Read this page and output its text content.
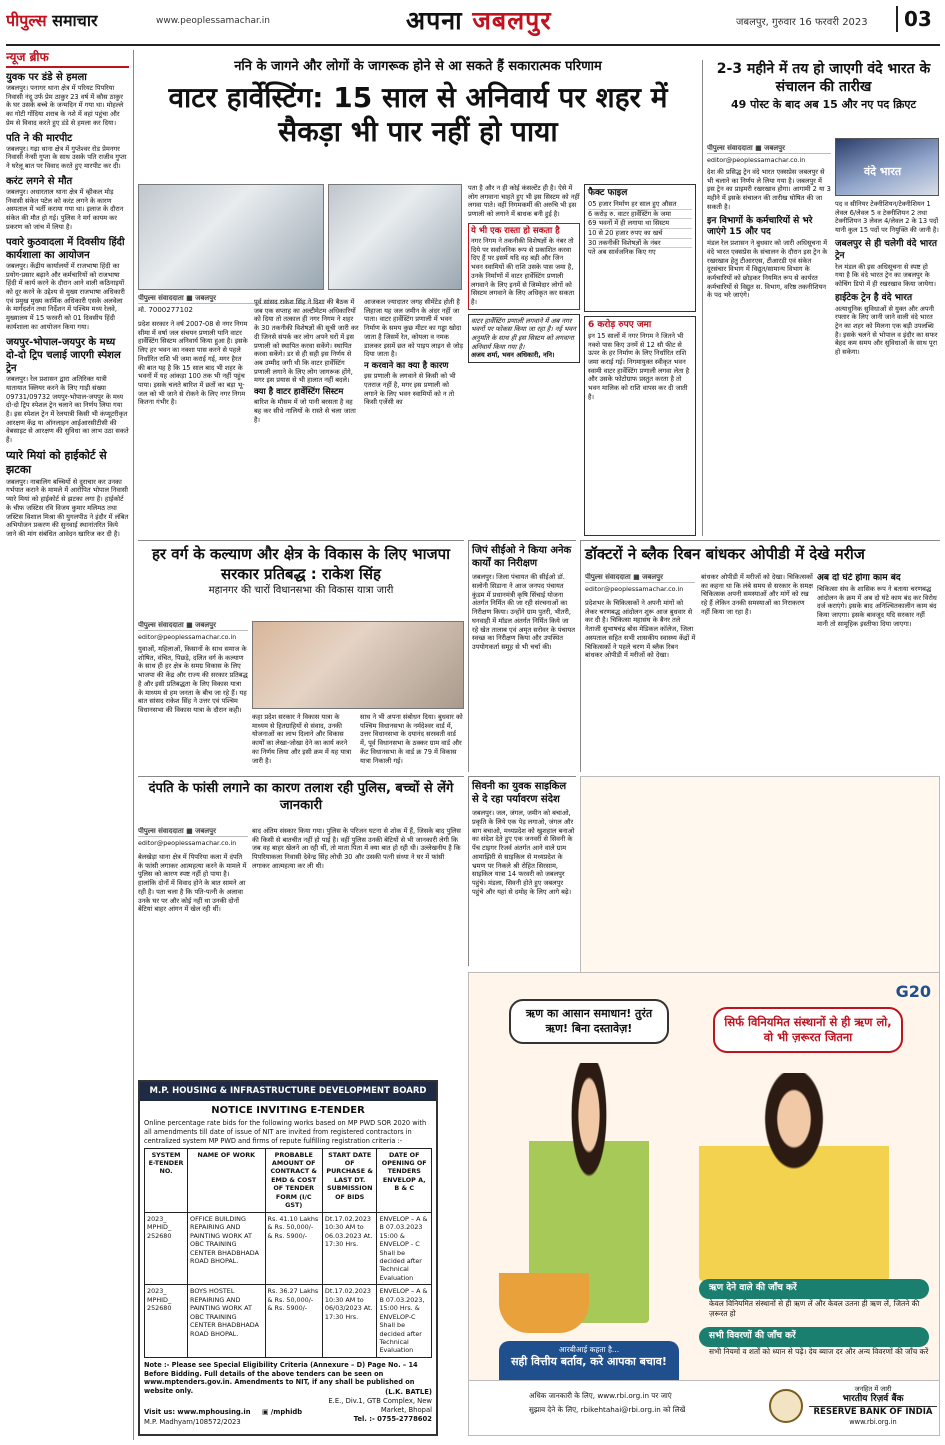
पीपुल्स समाचार	www.peoplessamachar.in	अपना जबलपुर	जबलपुर, गुरुवार 16 फरवरी 2023	03
न्यूज ब्रीफ
युवक पर डंडे से हमला
जबलपुर। पनागर थाना क्षेत्र में परियट पिपरिया निवासी नंदू उर्फ प्रेम ठाकुर 23 वर्ष में कौस ठाकुर के घर उसके बच्चे के जन्मदिन में गया था। मोहल्ले का गोटी गोंदिया शराब के नशे में वहां पहुंचा और प्रेम से विवाद करते हुए डंडे से हमला कर दिया।
पति ने की मारपीट
जबलपुर। गढ़ा थाना क्षेत्र में गुप्तेश्वर रोड प्रेमनगर निवासी नेन्सी गुप्ता के साथ उसके पति राजीव गुप्ता ने घरेलू बात पर विवाद करते हुए मारपीट कर दी।
करंट लगने से मौत
जबलपुर। अधारताल थाना क्षेत्र में व्हीकल मोड़ निवासी संकेत पटेल को करंट लगने के कारण अस्पताल में भर्ती कराया गया था। इलाज के दौरान संकेत की मौत हो गई। पुलिस ने मर्ग कायम कर प्रकरण को जांच में लिया है।
पवारे कुठवादला में दिवसीय हिंदी कार्यशाला का आयोजन
जबलपुर। केंद्रीय कार्यालयों में राजभाषा हिंदी का प्रयोग-प्रसार बढ़ाने और कर्मचारियों को राजभाषा हिंदी में कार्य करने के दौरान आने वाली कठिनाइयों को दूर करने के उद्देश्य से मुख्य राजभाषा अधिकारी एवं प्रमुख मुख्य कार्मिक अधिकारी एसके अलवेला के मार्गदर्शन तथा निर्देशन में पश्चिम मध्य रेलवे, मुख्यालय में 15 फरवरी को 01 दिवसीय हिंदी कार्यशाला का आयोजन किया गया।
जयपुर-भोपाल-जयपुर के मध्य दो-दो ट्रिप चलाई जाएगी स्पेशल ट्रेन
जबलपुर। रेल प्रशासन द्वारा अतिरिक्त यात्री यातायात क्लियर करने के लिए गाड़ी संख्या 09731/09732 जयपुर-भोपाल-जयपुर के मध्य दो-दो ट्रिप स्पेशल ट्रेन चलाने का निर्णय लिया गया है। इस स्पेशल ट्रेन में रेलयात्री किसी भी कंप्यूटरीकृत आरक्षण केंद्र या ऑनलाइन आईआरसीटीसी की वेबसाइट से आरक्षण की सुविधा का लाभ उठा सकते हैं।
प्यारे मियां को हाईकोर्ट से झटका
जबलपुर। नाबालिग बच्चियों से दुराचार कर उनका गर्भपात कराने के मामले में आरोपित भोपाल निवासी प्यारे मियां को हाईकोर्ट से झटका लगा है। हाईकोर्ट के चीफ जस्टिस रवि विजय कुमार मलिमठ तथा जस्टिस विशाल मिश्रा की युगलपीठ ने इंदौर में लंबित अभियोजन प्रकरण की सुनवाई स्थानांतरित किये जाने की मांग संबंधित आवेदन खारिज कर दी है।
ननि के जागने और लोगों के जागरूक होने से आ सकते हैं सकारात्मक परिणाम
वाटर हार्वेस्टिंग: 15 साल से अनिवार्य पर शहर में सैकड़ा भी पार नहीं हो पाया
पीपुल्स संवाददाता ■ जबलपुर
मो. 7000277102
प्रदेश सरकार ने वर्ष 2007-08 से नगर निगम सीमा में वर्षा जल संचयन प्रणाली यानि वाटर हार्वेस्टिंग सिस्टम अनिवार्य किया हुआ है। इसके लिए हर भवन का नक्शा पास करने से पहले निर्धारित राशि भी जमा कराई गई, मगर हैरत की बात यह है कि 15 साल बाद भी शहर के भवनों में यह आंकड़ा 100 तक भी नहीं पहुंच पाया। इसके चलते बारिश में छतों का बड़ा भू-जल को भी जाने से रोकने के लिए नगर निगम कितना गंभीर है।
पूर्व सांसद राकेश सिंह ने दिशा की बैठक में जब एक सप्ताह का अल्टीमेटम अधिकारियों को दिया तो तत्काल ही नगर निगम ने शहर के 30 तकनीकी विशेषज्ञों की सूची जारी कर दी जिनसे संपर्क कर लोग अपने घरों में इस प्रणाली को स्थापित करवा सकेंगे। स्थापित करवा सकेंगे। डर से ही सही इस निर्णय से अब उम्मीद जगी थी कि वाटर हार्वेस्टिंग प्रणाली लगाने के लिए लोग जागरूक होंगे, मगर इस प्रयास से भी हालात नहीं बदले।
क्या है वाटर हार्वेस्टिंग सिस्टम
बारिश के मौसम में जो पानी बरसता है वह बह कर सीधे नालियों के रास्ते से चला जाता है।
आजकल ज्यादातर जगह सीमेंटेड होती है लिहाजा यह जल जमीन के अंदर नहीं जा पाता। वाटर हार्वेस्टिंग प्रणाली में भवन निर्माण के समय कुछ मीटर का गड्ढा खोदा जाता है जिसमें रेत, कोयला व नमक डालकर इसमें छत को पाइप लाइन से जोड़ दिया जाता है।
न करवाने का क्या है कारण
इस प्रणाली के लगवाने से किसी को भी एतराज नहीं है, मगर इस प्रणाली को लगाने के लिए भवन स्वामियों को न तो किसी एजेंसी का
पता है और न ही कोई कंसल्टेंट ही है। ऐसे में लोग लगवाना चाहते हुए भी इस सिस्टम को नहीं लगवा पाते। वहीं निगमकर्मी की अरुचि भी इस प्रणाली को लगाने में बाधक बनी हुई है।
ये भी एक रास्ता हो सकता है
नगर निगम ने तकनीकी विशेषज्ञों के नंबर तो दिये पर सर्वाजनिक रूप से प्रकाशित करवा दिए हैं पर इसमें यदि वह बड़ी और जिन भवन स्वामियों की राशि उसके पास जमा है, उनके निर्माणों में वाटर हार्वेस्टिंग प्रणाली लगवाने के लिए इनमें से जिम्मेदार लोगों को सिस्टम लगवाने के लिए अधिकृत कर सकता है।
वाटर हार्वेस्टिंग प्रणाली लगवाने में अब नगर भवनों पर फोकस किया जा रहा है। नई भवन अनुमति के साथ ही इस सिस्टम को लगवाना अनिवार्य किया गया है।
अजय शर्मा, भवन अधिकारी, ननि।
फैक्ट फाइल
05 हजार निर्माण हर साल हुए औसत
6 करोड़ रु. वाटर हार्वेस्टिंग के जमा
69 भवनों में ही लगाया था सिस्टम
10 से 20 हजार रुपए का खर्च
30 तकनीकी विशेषज्ञों के नंबर
पते अब सार्वजनिक किए गए
6 करोड़ रुपए जमा
इन 15 सालों में नगर निगम ने जितने भी नक्शे पास किए उनमें से 12 सौ फीट से ऊपर के हर निर्माण के लिए निर्धारित राशि जमा कराई गई। निगमायुक्त स्वीकृत भवन स्वामी वाटर हार्वेस्टिंग प्रणाली लगवा लेता है और उसके फोटोग्राफ प्रस्तुत करता है तो भवन मालिक को राशि वापस कर दी जाती है।
2-3 महीने में तय हो जाएगी वंदे भारत के संचालन की तारीख
49 पोस्ट के बाद अब 15 और नए पद क्रिएट
पीपुल्स संवाददाता ■ जबलपुर
editor@peoplessamachar.co.in
वंदे भारत
देश की प्रसिद्ध ट्रेन वंदे भारत एक्सप्रेस जबलपुर से भी चलाने का निर्णय ले लिया गया है। जबलपुर में इस ट्रेन का प्राइमरी रखरखाव होगा। आगामी 2 या 3 महीने में इसके संचालन की तारीख घोषित की जा सकती है।
इन विभागों के कर्मचारियों से भरे जाएंगे 15 और पद
मंडल रेल प्रशासन ने बुधवार को जारी अधिसूचना में वंदे भारत एक्सप्रेस के संचालन के दौरान इस ट्रेन के रखरखाव हेतु टीआरएस, टीआरडी एवं संकेत दूरसंचार विभाग में विद्युत/सामान्य विभाग के कर्मचारियों को छोड़कर नियमित रूप से कार्यरत कर्मचारियों से विद्युत स. विभाग, वरिष्ठ तकनीशियन के पद भरे जाएंगे।
पद व सीनियर टेक्नीशियन/टेक्नीशियन 1 लेवल 6/लेवल 5 व टेक्नीशियन 2 तथा टेक्नीशियन 3 लेवल 4/लेवल 2 के 13 पदों यानी कुल 15 पदों पर नियुक्ति की जानी है।
जबलपुर से ही चलेगी वंदे भारत ट्रेन
रेल मंडल की इस अधिसूचना से स्पष्ट हो गया है कि वंदे भारत ट्रेन का जबलपुर के कोचिंग डिपो में ही रखरखाव किया जायेगा।
हाईटेक ट्रेन है वंदे भारत
अत्याधुनिक सुविधाओं से युक्त और अपनी रफ्तार के लिए जानी जाने वाली वंदे भारत ट्रेन का शहर को मिलना एक बड़ी उपलब्धि है। इसके चलने से भोपाल व इंदौर का सफर बेहद कम समय और सुविधाओं के साथ पूरा हो सकेगा।
हर वर्ग के कल्याण और क्षेत्र के विकास के लिए भाजपा सरकार प्रतिबद्ध : राकेश सिंह
महानगर की चारों विधानसभा की विकास यात्रा जारी
पीपुल्स संवाददाता ■ जबलपुर
editor@peoplessamachar.co.in
युवाओं, महिलाओं, किसानों के साथ समाज के शोषित, वंचित, पिछड़े, दलित वर्ग के कल्याण के साथ ही हर क्षेत्र के समग्र विकास के लिए भाजपा की केंद्र और राज्य की सरकार प्रतिबद्ध है और इसी प्रतिबद्धता के लिए विकास यात्रा के माध्यम से हम जनता के बीच जा रहे हैं। यह बात सांसद राकेश सिंह ने उत्तर एवं पश्चिम विधानसभा की विकास यात्रा के दौरान कही।
कहा प्रदेश सरकार ने विकास यात्रा के माध्यम से हितग्राहियों से संवाद, उनकी योजनाओं का लाभ दिलाने और विकास कार्यों का लेखा-जोखा देने का कार्य करने का निर्णय लिया और इसी क्रम में यह यात्रा जारी है।
साथ ने भी अपना संबोधन दिया। बुधवार को पश्चिम विधानसभा के नर्मदेश्वर वार्ड में, उत्तर विधानसभा के दयानंद सरस्वती वार्ड में, पूर्व विधानसभा के ठक्कर ग्राम वार्ड और केंट विधानसभा के वार्ड क्र 79 में विकास यात्रा निकाली गई।
जिपं सीईओ ने किया अनेक कार्यों का निरीक्षण
जबलपुर। जिला पंचायत की सीईओ डॉ. सलोनी सिडाना ने आज जनपद पंचायत कुंडम में प्रधानमंत्री कृषि सिंचाई योजना अंतर्गत निर्मित की जा रही संरचनाओं का निरीक्षण किया। उन्होंने ग्राम पुतरी, भीतरी, घनवाही में मॉडल अंतर्गत निर्मित किये जा रहे खेत तालाब एवं अमृत सरोवर के पंचायत स्वच्छ का निरीक्षण किया और उपस्थित उपयोगकर्ता समूह से भी चर्चा की।
डॉक्टरों ने ब्लैक रिबन बांधकर ओपीडी में देखे मरीज
पीपुल्स संवाददाता ■ जबलपुर
editor@peoplessamachar.co.in
प्रदेशभर के चिकित्सकों ने अपनी मांगों को लेकर चरणबद्ध आंदोलन शुरू आज बुधवार से कर दी है। चिकित्सा महासंघ के बैनर तले नेताजी सुभाषचंद्र बोस मेडिकल कॉलेज, जिला अस्पताल सहित सभी शासकीय स्वास्थ्य केंद्रों में चिकित्सकों ने पहले चरण में ब्लैक रिबन बांधकर ओपीडी में मरीजों को देखा।
बांधकर ओपीडी में मरीजों को देखा। चिकित्सकों का कहना था कि लंबे समय से सरकार के समक्ष चिकित्सक अपनी समस्याओं और मांगें को रख रहे हैं लेकिन उनकी समस्याओं का निराकरण नहीं किया जा रहा है।
अब दो घंटे होगा काम बंद
चिकित्सा संघ के शासिक रूप ने बताया चरणबद्ध आंदोलन के क्रम में अब दो घंटे काम बंद कर विरोध दर्ज कराएंगे। इसके बाद अनिश्चितकालीन काम बंद किया जाएगा। इसके बावजूद यदि सरकार नहीं मानी तो सामूहिक इस्तीफा दिया जाएगा।
दंपति के फांसी लगाने का कारण तलाश रही पुलिस, बच्चों से लेंगे जानकारी
पीपुल्स संवाददाता ■ जबलपुर
editor@peoplessamachar.co.in
बेलखेड़ा थाना क्षेत्र में पिपरिया कला में दंपति के फांसी लगाकर आत्महत्या करने के मामले में पुलिस को कारण स्पष्ट नहीं हो पाया है। हालांकि दोनों में विवाद होने के बात सामने आ रही है। पता चला है कि पति-पत्नी के अलावा उनके घर पर और कोई नहीं था उनकी दोनों बेटियां बाहर आंगन में खेल रही थीं।
बाद अंतिम संस्कार किया गया। पुलिस के परिजन घटना से शोक में हैं, जिसके बाद पुलिस की किसी से बातचीत नहीं हो पाई है। वहीं पुलिस उनकी बेटियों से भी जानकारी लेगी कि जब वह बाहर खेलने आ रही थीं, तो माता पिता में क्या बात हो रही थी। उल्लेखनीय है कि पिपरियाकला निवासी देवेन्द्र सिंह लोधी 30 और उसकी पत्नी संध्या ने घर में फांसी लगाकर आत्महत्या कर ली थी।
सिवनी का युवक साइकिल से दे रहा पर्यावरण संदेश
जबलपुर। जल, जंगल, जमीन को बचाओ, प्रकृति के लिये एक पेड़ लगाओ, जंगल और बाग बचाओ, मध्यप्रदेश को खुशहाल बनाओ का संदेश देते हुए एक जनवरी से सिवनी के पेंच टाइगर रिजर्व अंतर्गत आने वाले ग्राम आमाझिरी से साइकिल से मध्यप्रदेश के भ्रमण पर निकले श्री रोहित सिरसाम, साइकिल यात्रा 14 फरवरी को जबलपुर पहुंचे। मंडला, सिवनी होते हुए जबलपुर पहुंचे और यहां से दमोह के लिए आगे बढ़े।
M.P. HOUSING & INFRASTRUCTURE DEVELOPMENT BOARD
NOTICE INVITING E-TENDER
Online percentage rate bids for the following works based on MP PWD SOR 2020 with all amendments till date of issue of NIT are invited from registered contractors in centralized system MP PWD and firms of repute fulfilling registration criteria :-
SYSTEM E-TENDER NO.	NAME OF WORK	PROBABLE AMOUNT OF CONTRACT & EMD & COST OF TENDER FORM (I/C GST)	START DATE OF PURCHASE & LAST DT. SUBMISSION OF BIDS	DATE OF OPENING OF TENDERS ENVELOP A, B & C
2023_ MPHID_ 252680	OFFICE BUILDING REPAIRING AND PAINTING WORK AT OBC TRAINING CENTER BHADBHADA ROAD BHOPAL.	Rs. 41.10 Lakhs & Rs. 50,000/- & Rs. 5900/-	Dt.17.02.2023 10:30 AM to 06.03.2023 At. 17:30 Hrs.	ENVELOP – A & B 07.03.2023 15:00 & ENVELOP - C Shall be decided after Technical Evaluation
2023_ MPHID_ 252680	BOYS HOSTEL REPAIRING AND PAINTING WORK AT OBC TRAINING CENTER BHADBHADA ROAD BHOPAL.	Rs. 36.27 Lakhs & Rs. 50,000/- & Rs. 5900/-	Dt.17.02.2023 10:30 AM to 06/03/2023 At. 17:30 Hrs.	ENVELOP – A & B 07.03.2023, 15:00 Hrs. & ENVELOP-C Shall be decided after Technical Evaluation
Note :- Please see Special Eligibility Criteria (Annexure – D) Page No. – 14 Before Bidding. Full details of the above tenders can be seen on www.mptenders.gov.in. Amendments to NIT, if any shall be published on website only.
Visit us: www.mphousing.in
M.P. Madhyam/108572/2023
▣ /mphidb
(L.K. BATLE)
E.E., Div.1, GTB Complex, New Market, Bhopal
Tel. :- 0755-2778602
G20
ऋण का आसान समाधान! तुरंत ऋण! बिना दस्तावेज़!	सिर्फ विनियमित संस्थानों से ही ऋण लो, वो भी ज़रूरत जितना
ऋण देने वाले की जाँच करें
केवल विनियमित संस्थानों से ही ऋण लें और केवल उतना ही ऋण लें, जितने की ज़रूरत हो
सभी विवरणों की जाँच करें
सभी नियमों व शर्तों को ध्यान से पढ़ें। देय ब्याज दर और अन्य विवरणों की जाँच करें
आरबीआई कहता है...
सही वित्तीय बर्ताव, करे आपका बचाव!
अधिक जानकारी के लिए, www.rbi.org.in पर जाएं
सुझाव देने के लिए, rbikehtahai@rbi.org.in को लिखें
जनहित में जारी
भारतीय रिज़र्व बैंक
RESERVE BANK OF INDIA
www.rbi.org.in
